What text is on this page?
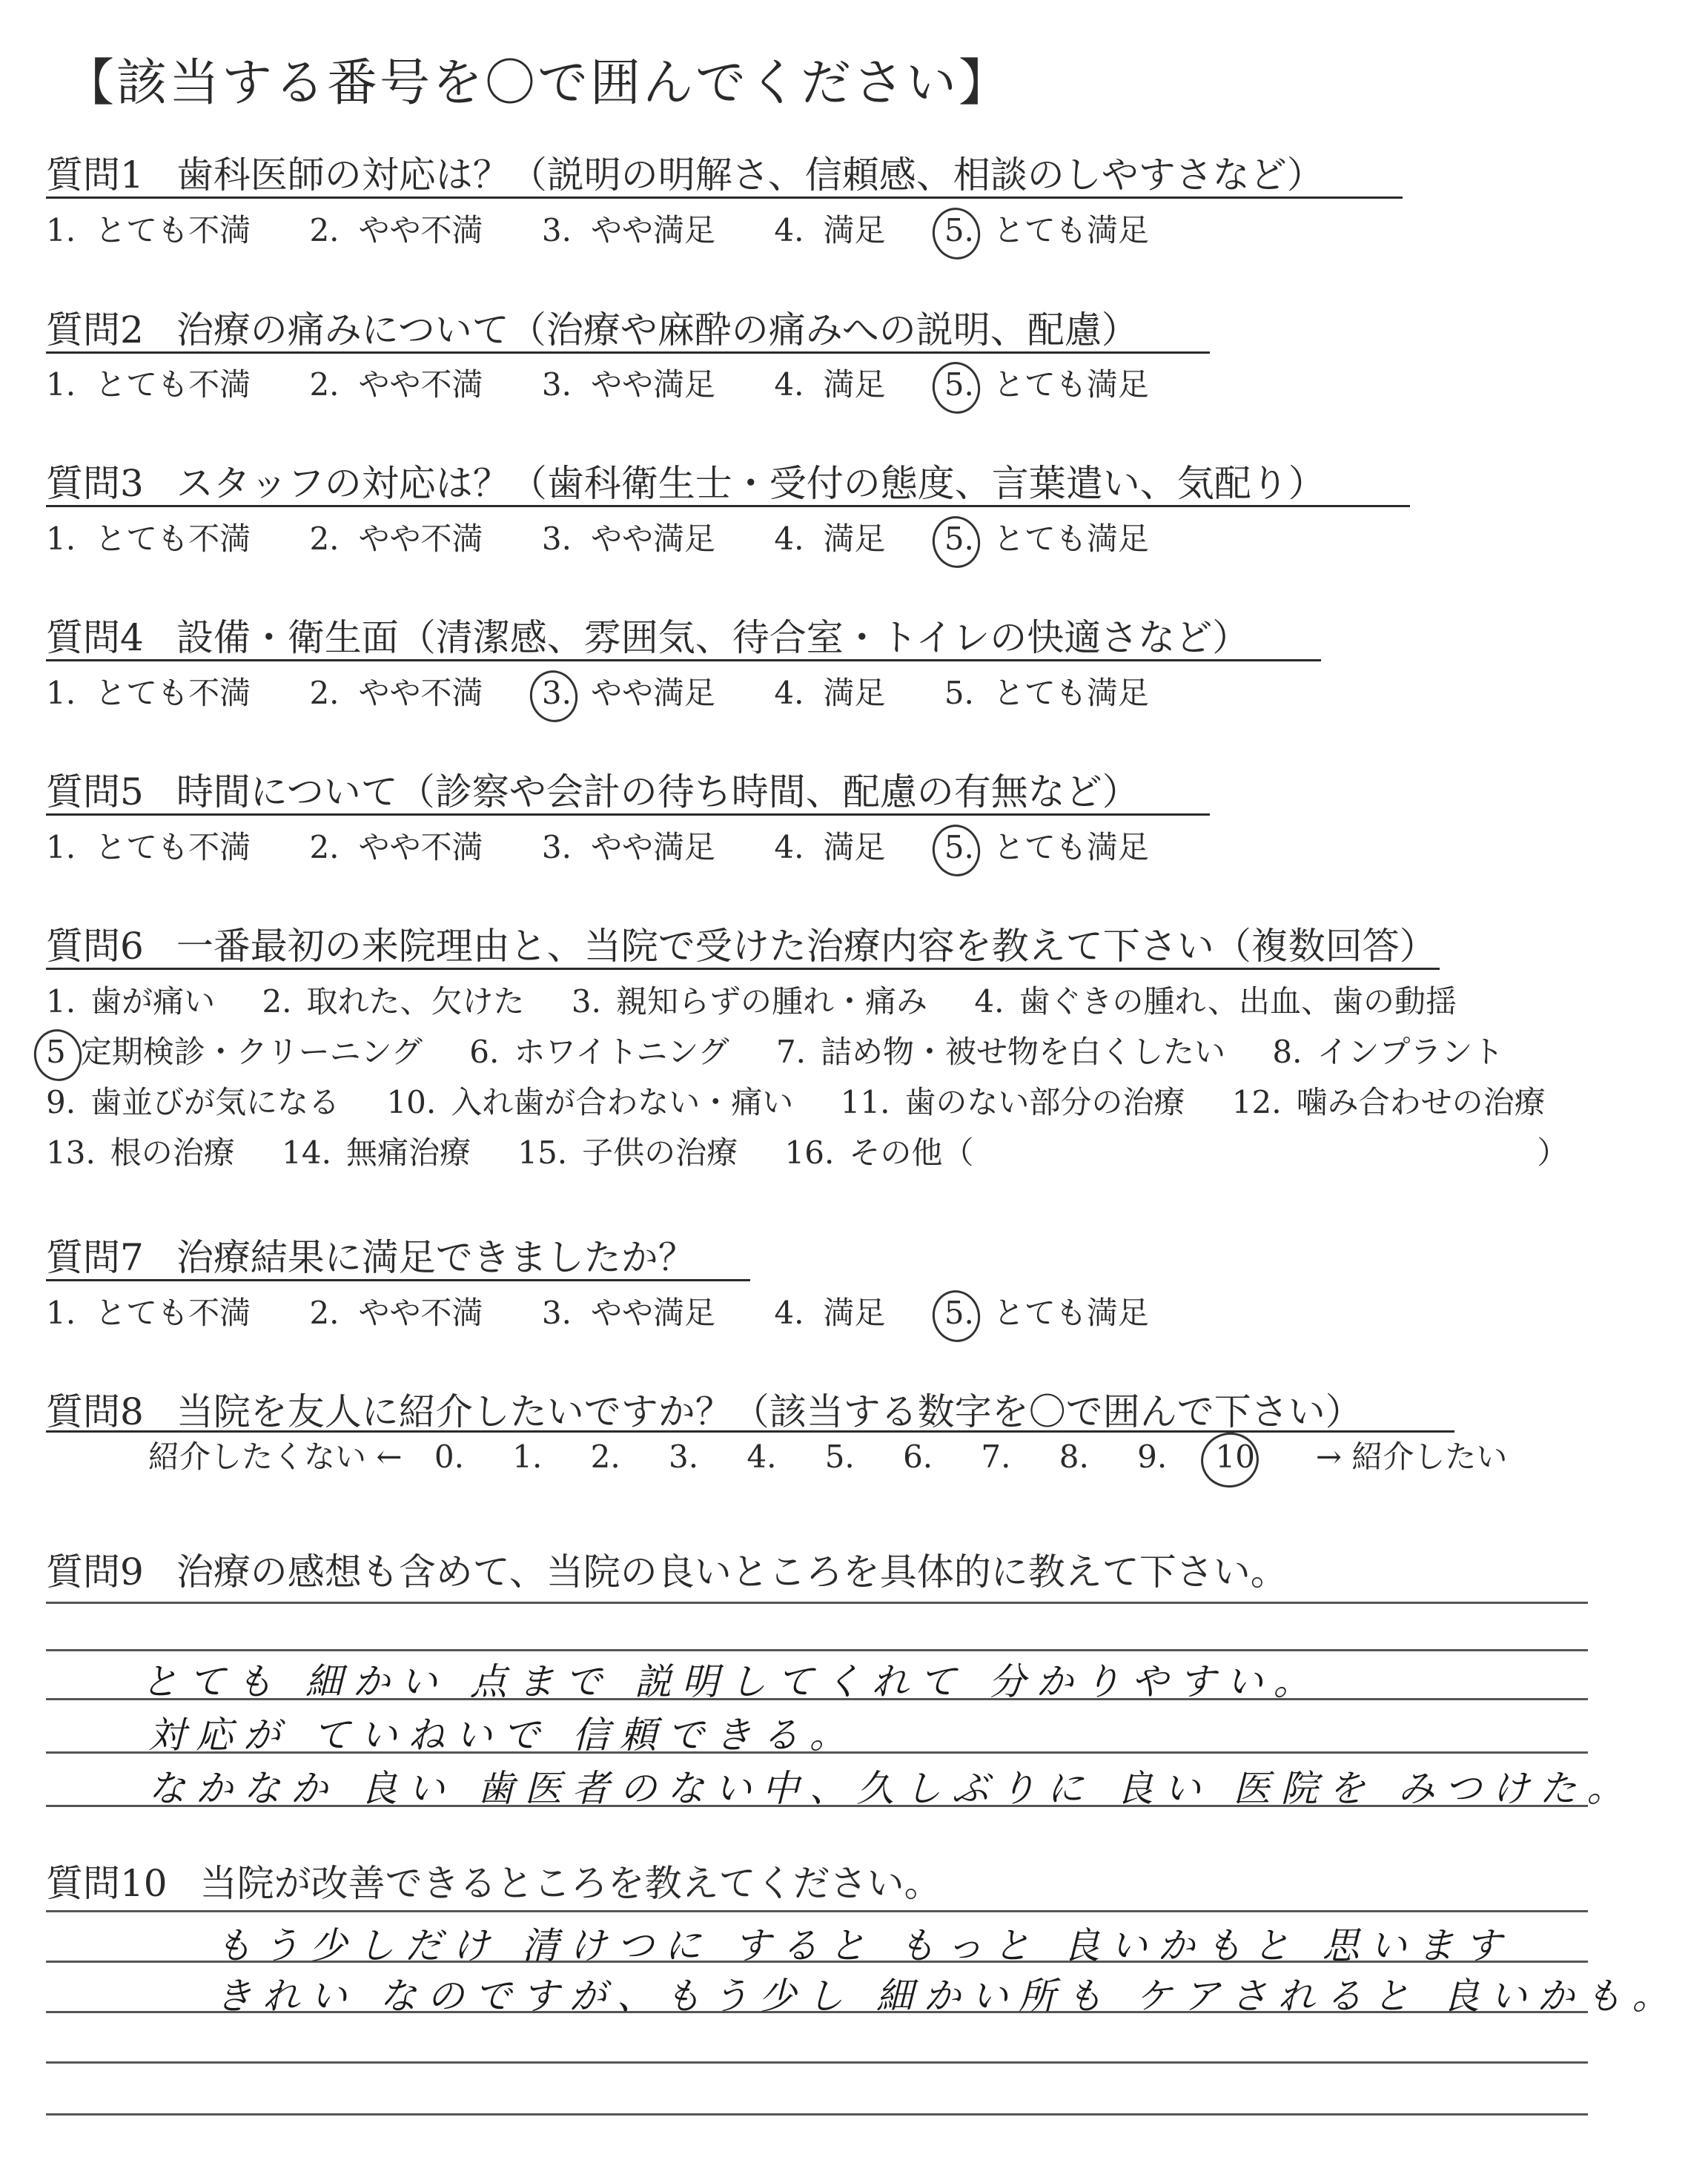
【該当する番号を〇で囲んでください】
質問1 歯科医師の対応は？（説明の明解さ、信頼感、相談のしやすさなど）
1. とても不満 2. やや不満 3. やや満足 4. 満足 5. とても満足
質問2 治療の痛みについて（治療や麻酔の痛みへの説明、配慮）
1. とても不満 2. やや不満 3. やや満足 4. 満足 5. とても満足
質問3 スタッフの対応は？（歯科衛生士・受付の態度、言葉遣い、気配り）
1. とても不満 2. やや不満 3. やや満足 4. 満足 5. とても満足
質問4 設備・衛生面（清潔感、雰囲気、待合室・トイレの快適さなど）
1. とても不満 2. やや不満 3. やや満足 4. 満足 5. とても満足
質問5 時間について（診察や会計の待ち時間、配慮の有無など）
1. とても不満 2. やや不満 3. やや満足 4. 満足 5. とても満足
質問6 一番最初の来院理由と、当院で受けた治療内容を教えて下さい（複数回答）
1. 歯が痛い 2. 取れた、欠けた 3. 親知らずの腫れ・痛み 4. 歯ぐきの腫れ、出血、歯の動揺
5 定期検診・クリーニング 6. ホワイトニング 7. 詰め物・被せ物を白くしたい 8. インプラント
9. 歯並びが気になる 10. 入れ歯が合わない・痛い 11. 歯のない部分の治療 12. 噛み合わせの治療
13. 根の治療 14. 無痛治療 15. 子供の治療 16. その他（	）
質問7 治療結果に満足できましたか？
1. とても不満 2. やや不満 3. やや満足 4. 満足 5. とても満足
質問8 当院を友人に紹介したいですか？（該当する数字を〇で囲んで下さい）
紹介したくない ← 0. 1. 2. 3. 4. 5. 6. 7. 8. 9. 10 → 紹介したい
質問9 治療の感想も含めて、当院の良いところを具体的に教えて下さい。
とても 細かい 点まで 説明してくれて 分かりやすい。
対応が ていねいで 信頼できる。
なかなか 良い 歯医者のない中、久しぶりに 良い 医院を みつけた。
質問10 当院が改善できるところを教えてください。
もう少しだけ 清けつに すると もっと 良いかもと 思います
きれい なのですが、もう少し 細かい所も ケアされると 良いかも。
